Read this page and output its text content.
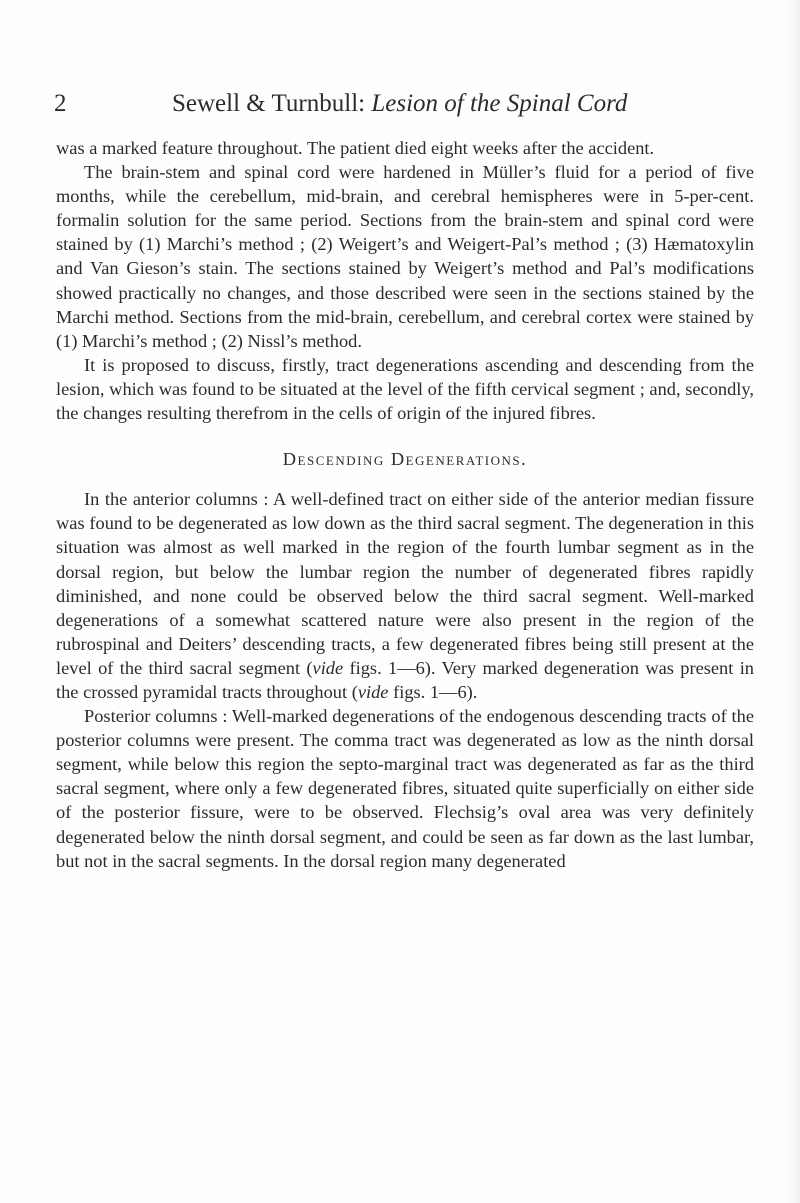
2	Sewell & Turnbull: Lesion of the Spinal Cord

was a marked feature throughout. The patient died eight weeks after the accident.

The brain-stem and spinal cord were hardened in Müller’s fluid for a period of five months, while the cerebellum, mid-brain, and cerebral hemispheres were in 5-per-cent. formalin solution for the same period. Sections from the brain-stem and spinal cord were stained by (1) Marchi’s method ; (2) Weigert’s and Weigert-Pal’s method ; (3) Hæmatoxylin and Van Gieson’s stain. The sections stained by Weigert’s method and Pal’s modifications showed practically no changes, and those described were seen in the sections stained by the Marchi method. Sections from the mid-brain, cerebellum, and cerebral cortex were stained by (1) Marchi’s method ; (2) Nissl’s method.

It is proposed to discuss, firstly, tract degenerations ascending and descending from the lesion, which was found to be situated at the level of the fifth cervical segment ; and, secondly, the changes resulting therefrom in the cells of origin of the injured fibres.

Descending Degenerations.

In the anterior columns : A well-defined tract on either side of the anterior median fissure was found to be degenerated as low down as the third sacral segment. The degeneration in this situation was almost as well marked in the region of the fourth lumbar segment as in the dorsal region, but below the lumbar region the number of degenerated fibres rapidly diminished, and none could be observed below the third sacral segment. Well-marked degenerations of a somewhat scattered nature were also present in the region of the rubrospinal and Deiters’ descending tracts, a few degenerated fibres being still present at the level of the third sacral segment (vide figs. 1—6). Very marked degeneration was present in the crossed pyramidal tracts throughout (vide figs. 1—6).

Posterior columns : Well-marked degenerations of the endogenous descending tracts of the posterior columns were present. The comma tract was degenerated as low as the ninth dorsal segment, while below this region the septo-marginal tract was degenerated as far as the third sacral segment, where only a few degenerated fibres, situated quite superficially on either side of the posterior fissure, were to be observed. Flechsig’s oval area was very definitely degenerated below the ninth dorsal segment, and could be seen as far down as the last lumbar, but not in the sacral segments. In the dorsal region many degenerated
